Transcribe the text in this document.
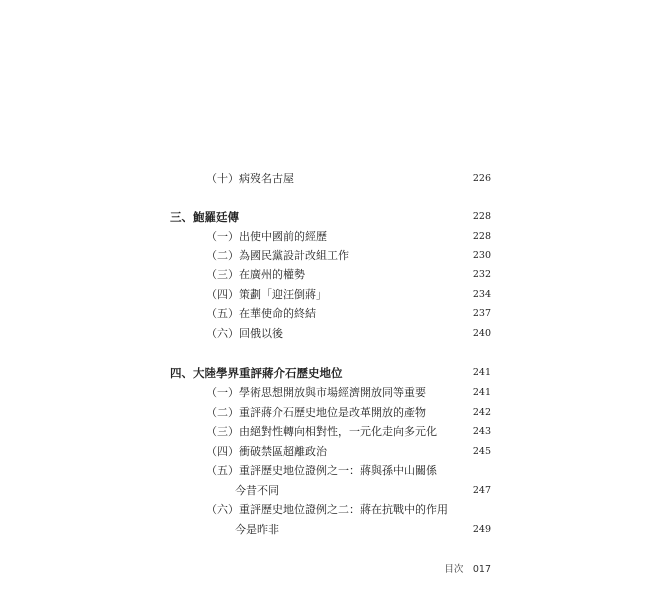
（十）病歿名古屋	226
三、鮑羅廷傳	228
（一）出使中國前的經歷	228
（二）為國民黨設計改組工作	230
（三）在廣州的權勢	232
（四）策劃「迎汪倒蔣」	234
（五）在華使命的終結	237
（六）回俄以後	240
四、大陸學界重評蔣介石歷史地位	241
（一）學術思想開放與市場經濟開放同等重要	241
（二）重評蔣介石歷史地位是改革開放的產物	242
（三）由絕對性轉向相對性，一元化走向多元化	243
（四）衝破禁區超離政治	245
（五）重評歷史地位證例之一：蔣與孫中山關係
今昔不同	247
（六）重評歷史地位證例之二：蔣在抗戰中的作用
今是昨非	249
目次　017
